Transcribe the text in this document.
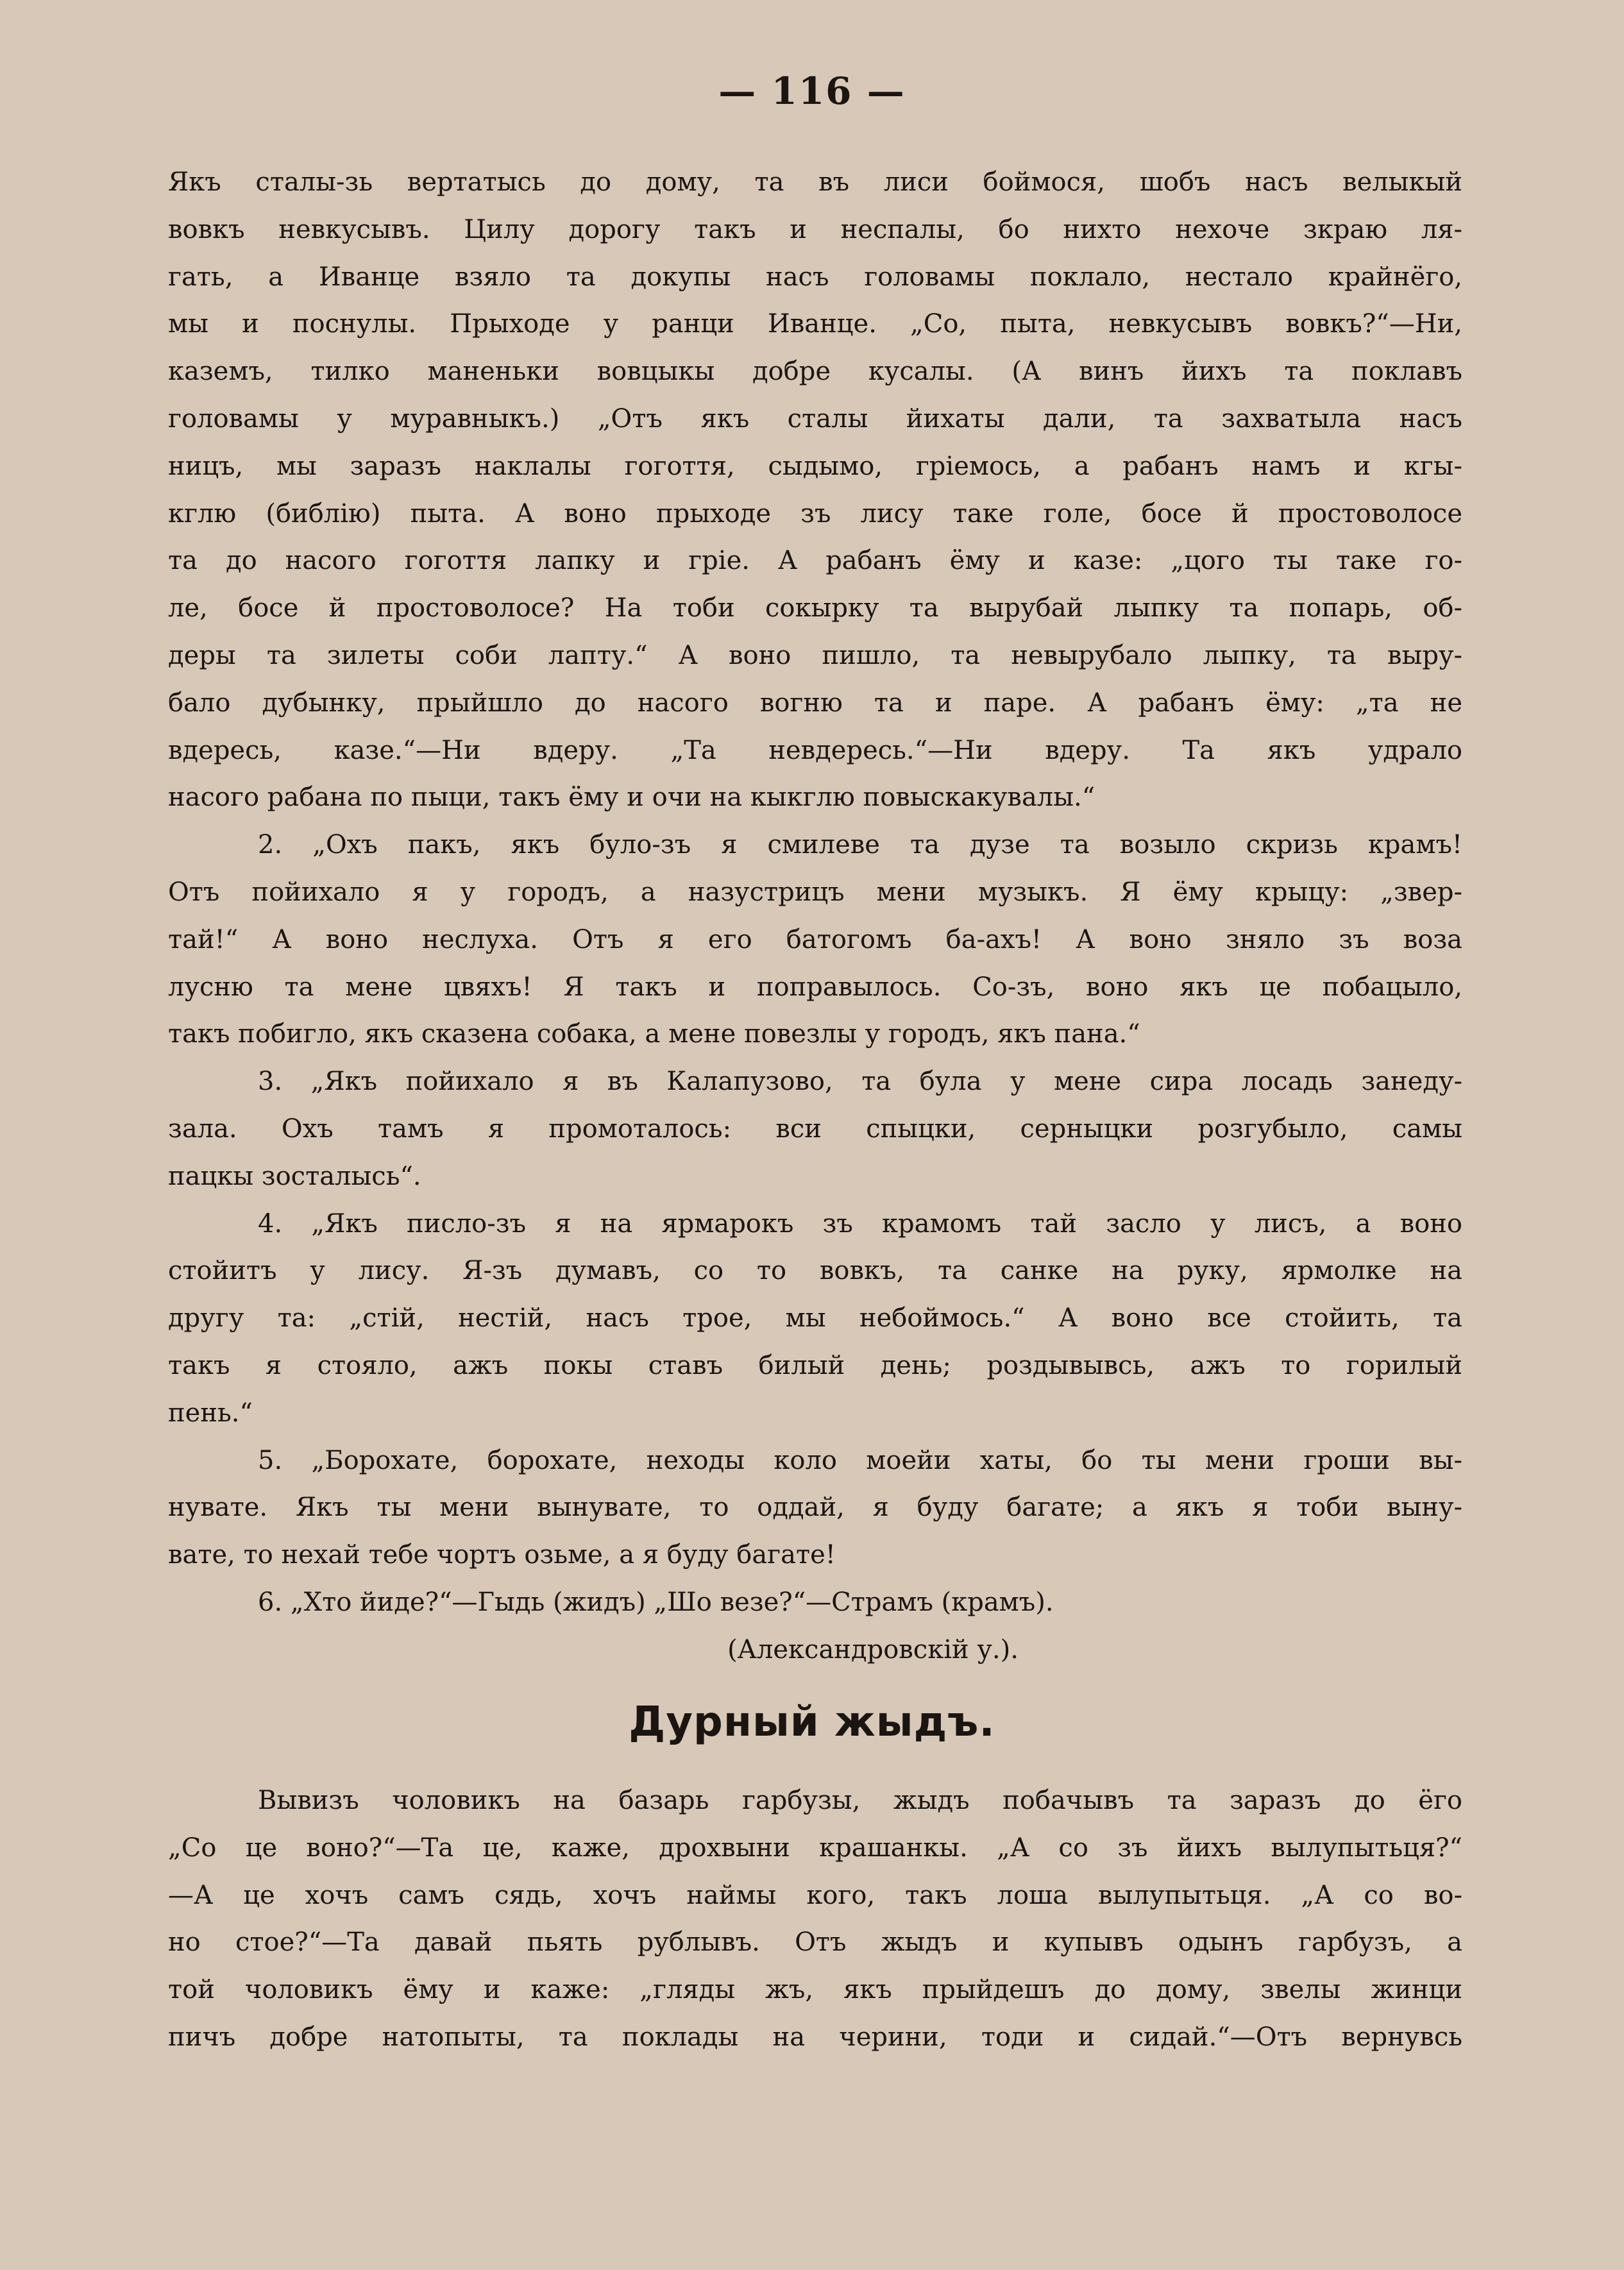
— 116 —
Якъ сталы-зь вертатысь до дому, та въ лиси боймося, шобъ насъ велыкый
вовкъ невкусывъ. Цилу дорогу такъ и неспалы, бо нихто нехоче зкраю ля-
гать, а Иванце взяло та докупы насъ головамы поклало, нестало крайнёго,
мы и поснулы. Прыходе у ранци Иванце. „Со, пыта, невкусывъ вовкъ?“—Ни,
каземъ, тилко маненьки вовцыкы добре кусалы. (А винъ йихъ та поклавъ
головамы у муравныкъ.) „Отъ якъ сталы йихаты дали, та захватыла насъ
ницъ, мы заразъ наклалы гогоття, сыдымо, гріемось, а рабанъ намъ и кгы-
кглю (библію) пыта. А воно прыходе зъ лису таке голе, босе й простоволосе
та до насого гогоття лапку и гріе. А рабанъ ёму и казе: „цого ты таке го-
ле, босе й простоволосе? На тоби сокырку та вырубай лыпку та попарь, об-
деры та зилеты соби лапту.“ А воно пишло, та невырубало лыпку, та выру-
бало дубынку, прыйшло до насого вогню та и паре. А рабанъ ёму: „та не
вдересь, казе.“—Ни вдеру. „Та невдересь.“—Ни вдеру. Та якъ удрало
насого рабана по пыци, такъ ёму и очи на кыкглю повыскакувалы.“
2. „Охъ пакъ, якъ було-зъ я смилеве та дузе та возыло скризь крамъ!
Отъ пойихало я у городъ, а назустрицъ мени музыкъ. Я ёму крыцу: „звер-
тай!“ А воно неслуха. Отъ я его батогомъ ба-ахъ! А воно зняло зъ воза
лусню та мене цвяхъ! Я такъ и поправылось. Со-зъ, воно якъ це побацыло,
такъ побигло, якъ сказена собака, а мене повезлы у городъ, якъ пана.“
3. „Якъ пойихало я въ Калапузово, та була у мене сира лосадь занеду-
зала. Охъ тамъ я промоталось: вси спыцки, серныцки розгубыло, самы
пацкы зосталысь“.
4. „Якъ писло-зъ я на ярмарокъ зъ крамомъ тай засло у лисъ, а воно
стойитъ у лису. Я-зъ думавъ, со то вовкъ, та санке на руку, ярмолке на
другу та: „стій, нестій, насъ трое, мы небоймось.“ А воно все стойить, та
такъ я стояло, ажъ покы ставъ билый день; роздывывсь, ажъ то горилый
пень.“
5. „Борохате, борохате, неходы коло моейи хаты, бо ты мени гроши вы-
нувате. Якъ ты мени вынувате, то оддай, я буду багате; а якъ я тоби выну-
вате, то нехай тебе чортъ озьме, а я буду багате!
6. „Хто йиде?“—Гыдь (жидъ) „Шо везе?“—Страмъ (крамъ).
(Александровскій у.).
Дурный жыдъ.
Вывизъ чоловикъ на базарь гарбузы, жыдъ побачывъ та заразъ до ёго
„Со це воно?“—Та це, каже, дрохвыни крашанкы. „А со зъ йихъ вылупытьця?“
—А це хочъ самъ сядь, хочъ наймы кого, такъ лоша вылупытьця. „А со во-
но стое?“—Та давай пьять рублывъ. Отъ жыдъ и купывъ одынъ гарбузъ, а
той чоловикъ ёму и каже: „гляды жъ, якъ прыйдешъ до дому, звелы жинци
пичъ добре натопыты, та поклады на черини, тоди и сидай.“—Отъ вернувсь
